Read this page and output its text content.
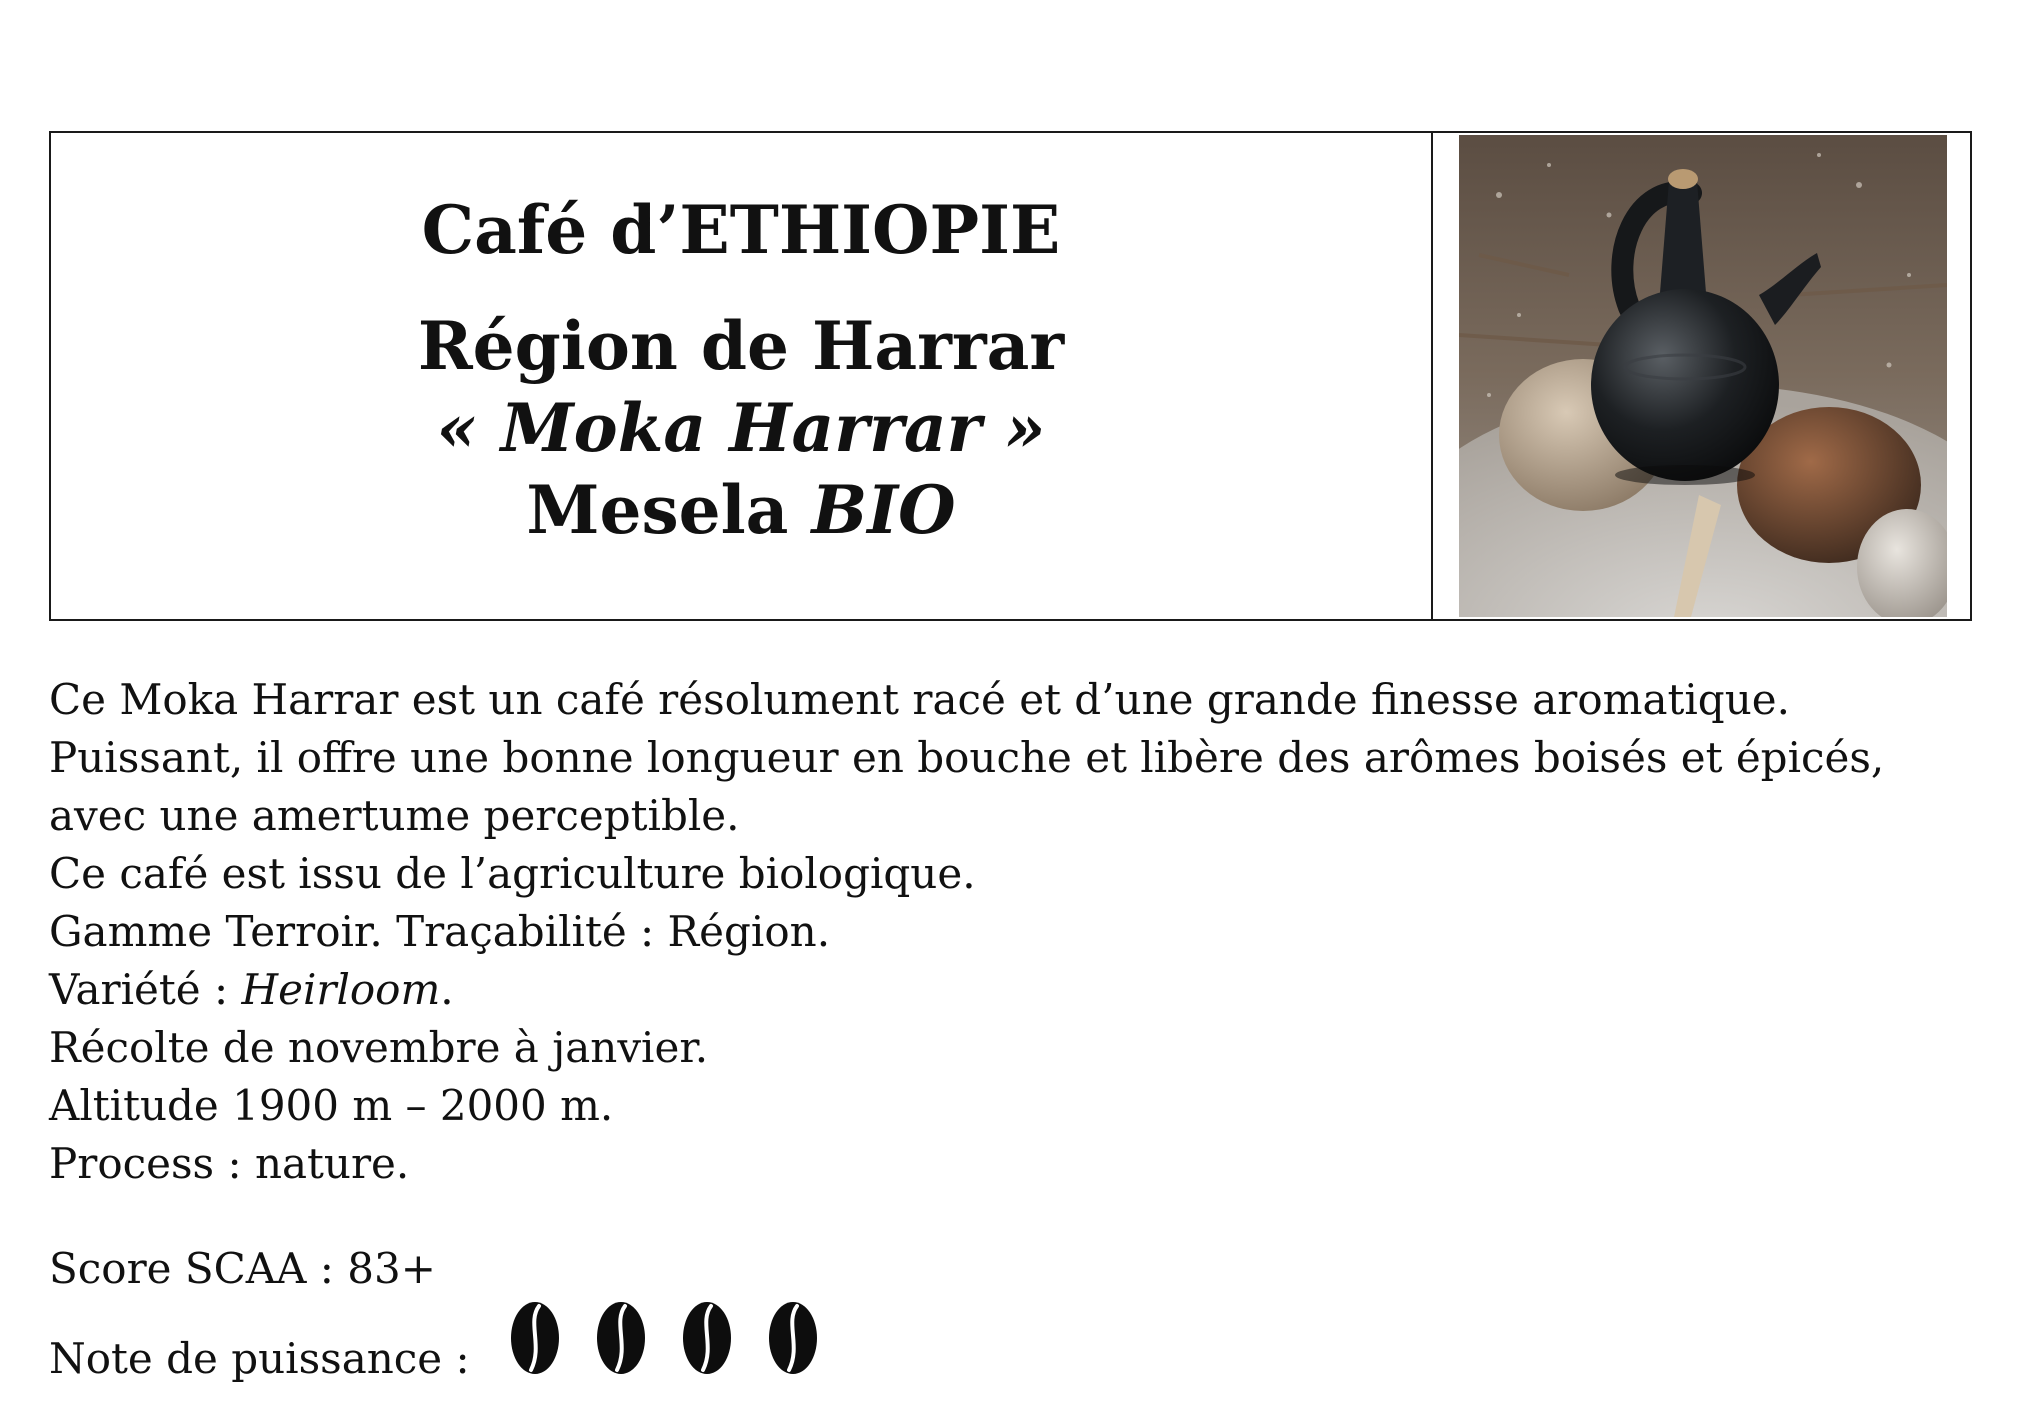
Café d’ETHIOPIE
Région de Harrar
« Moka Harrar »
Mesela BIO

Ce Moka Harrar est un café résolument racé et d’une grande finesse aromatique.

Puissant, il offre une bonne longueur en bouche et libère des arômes boisés et épicés,

avec une amertume perceptible.

Ce café est issu de l’agriculture biologique.

Gamme Terroir. Traçabilité : Région.

Variété : Heirloom.

Récolte de novembre à janvier.

Altitude 1900 m – 2000 m.

Process : nature.

Score SCAA : 83+
Note de puissance :
